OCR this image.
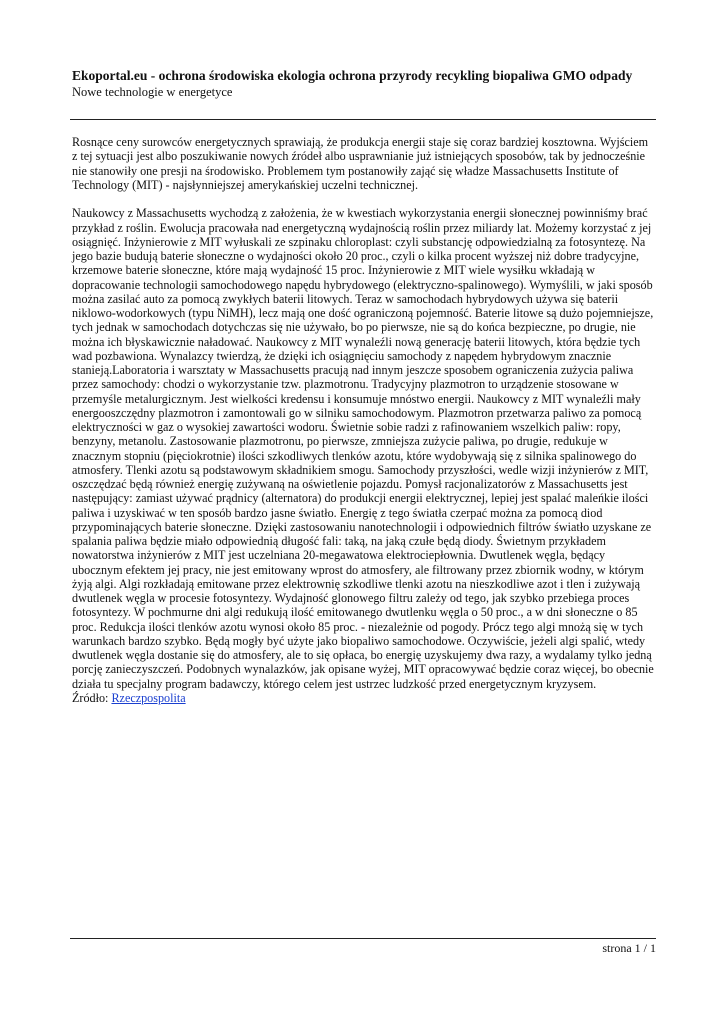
Ekoportal.eu - ochrona środowiska ekologia ochrona przyrody recykling biopaliwa GMO odpady
Nowe technologie w energetyce

Rosnące ceny surowców energetycznych sprawiają, że produkcja energii staje się coraz bardziej kosztowna. Wyjściem z tej sytuacji jest albo poszukiwanie nowych źródeł albo usprawnianie już istniejących sposobów, tak by jednocześnie nie stanowiły one presji na środowisko. Problemem tym postanowiły zająć się władze Massachusetts Institute of Technology (MIT) - najsłynniejszej amerykańskiej uczelni technicznej.

Naukowcy z Massachusetts wychodzą z założenia, że w kwestiach wykorzystania energii słonecznej powinniśmy brać przykład z roślin. Ewolucja pracowała nad energetyczną wydajnością roślin przez miliardy lat. Możemy korzystać z jej osiągnięć. Inżynierowie z MIT wyłuskali ze szpinaku chloroplast: czyli substancję odpowiedzialną za fotosyntezę. Na jego bazie budują baterie słoneczne o wydajności około 20 proc., czyli o kilka procent wyższej niż dobre tradycyjne, krzemowe baterie słoneczne, które mają wydajność 15 proc. Inżynierowie z MIT wiele wysiłku wkładają w dopracowanie technologii samochodowego napędu hybrydowego (elektryczno-spalinowego). Wymyślili, w jaki sposób można zasilać auto za pomocą zwykłych baterii litowych. Teraz w samochodach hybrydowych używa się baterii niklowo-wodorkowych (typu NiMH), lecz mają one dość ograniczoną pojemność. Baterie litowe są dużo pojemniejsze, tych jednak w samochodach dotychczas się nie używało, bo po pierwsze, nie są do końca bezpieczne, po drugie, nie można ich błyskawicznie naładować. Naukowcy z MIT wynaleźli nową generację baterii litowych, która będzie tych wad pozbawiona. Wynalazcy twierdzą, że dzięki ich osiągnięciu samochody z napędem hybrydowym znacznie stanieją.Laboratoria i warsztaty w Massachusetts pracują nad innym jeszcze sposobem ograniczenia zużycia paliwa przez samochody: chodzi o wykorzystanie tzw. plazmotronu. Tradycyjny plazmotron to urządzenie stosowane w przemyśle metalurgicznym. Jest wielkości kredensu i konsumuje mnóstwo energii. Naukowcy z MIT wynaleźli mały energooszczędny plazmotron i zamontowali go w silniku samochodowym. Plazmotron przetwarza paliwo za pomocą elektryczności w gaz o wysokiej zawartości wodoru. Świetnie sobie radzi z rafinowaniem wszelkich paliw: ropy, benzyny, metanolu. Zastosowanie plazmotronu, po pierwsze, zmniejsza zużycie paliwa, po drugie, redukuje w znacznym stopniu (pięciokrotnie) ilości szkodliwych tlenków azotu, które wydobywają się z silnika spalinowego do atmosfery. Tlenki azotu są podstawowym składnikiem smogu. Samochody przyszłości, wedle wizji inżynierów z MIT, oszczędzać będą również energię zużywaną na oświetlenie pojazdu. Pomysł racjonalizatorów z Massachusetts jest następujący: zamiast używać prądnicy (alternatora) do produkcji energii elektrycznej, lepiej jest spalać maleńkie ilości paliwa i uzyskiwać w ten sposób bardzo jasne światło. Energię z tego światła czerpać można za pomocą diod przypominających baterie słoneczne. Dzięki zastosowaniu nanotechnologii i odpowiednich filtrów światło uzyskane ze spalania paliwa będzie miało odpowiednią długość fali: taką, na jaką czułe będą diody. Świetnym przykładem nowatorstwa inżynierów z MIT jest uczelniana 20-megawatowa elektrociepłownia. Dwutlenek węgla, będący ubocznym efektem jej pracy, nie jest emitowany wprost do atmosfery, ale filtrowany przez zbiornik wodny, w którym żyją algi. Algi rozkładają emitowane przez elektrownię szkodliwe tlenki azotu na nieszkodliwe azot i tlen i zużywają dwutlenek węgla w procesie fotosyntezy. Wydajność glonowego filtru zależy od tego, jak szybko przebiega proces fotosyntezy. W pochmurne dni algi redukują ilość emitowanego dwutlenku węgla o 50 proc., a w dni słoneczne o 85 proc. Redukcja ilości tlenków azotu wynosi około 85 proc. - niezależnie od pogody. Prócz tego algi mnożą się w tych warunkach bardzo szybko. Będą mogły być użyte jako biopaliwo samochodowe. Oczywiście, jeżeli algi spalić, wtedy dwutlenek węgla dostanie się do atmosfery, ale to się opłaca, bo energię uzyskujemy dwa razy, a wydalamy tylko jedną porcję zanieczyszczeń. Podobnych wynalazków, jak opisane wyżej, MIT opracowywać będzie coraz więcej, bo obecnie działa tu specjalny program badawczy, którego celem jest ustrzec ludzkość przed energetycznym kryzysem.

Źródło: Rzeczpospolita
strona 1 / 1
